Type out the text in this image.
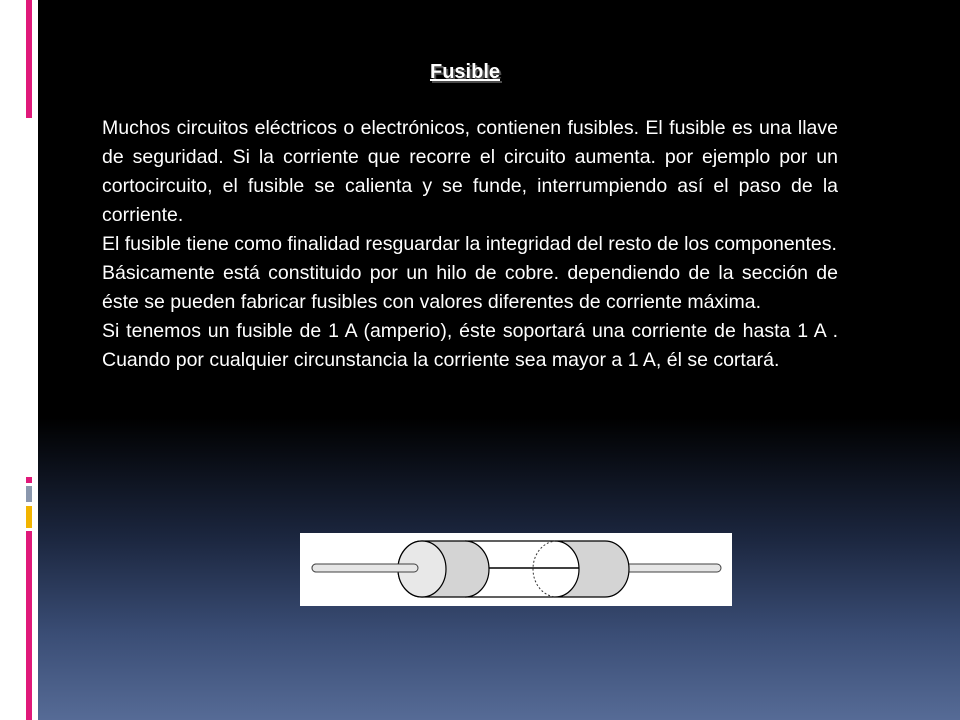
Fusible

Muchos circuitos eléctricos o electrónicos, contienen fusibles. El fusible es una llave de seguridad. Si la corriente que recorre el circuito aumenta. por ejemplo por un cortocircuito, el fusible se calienta y se funde, interrumpiendo así el paso de la corriente.

El fusible tiene como finalidad resguardar la integridad del resto de los componentes.

Básicamente está constituido por un hilo de cobre. dependiendo de la sección de éste se pueden fabricar fusibles con valores diferentes de corriente máxima.

Si tenemos un fusible de 1 A (amperio), éste soportará una corriente de hasta 1 A . Cuando por cualquier circunstancia la corriente sea mayor a 1 A, él se cortará.
